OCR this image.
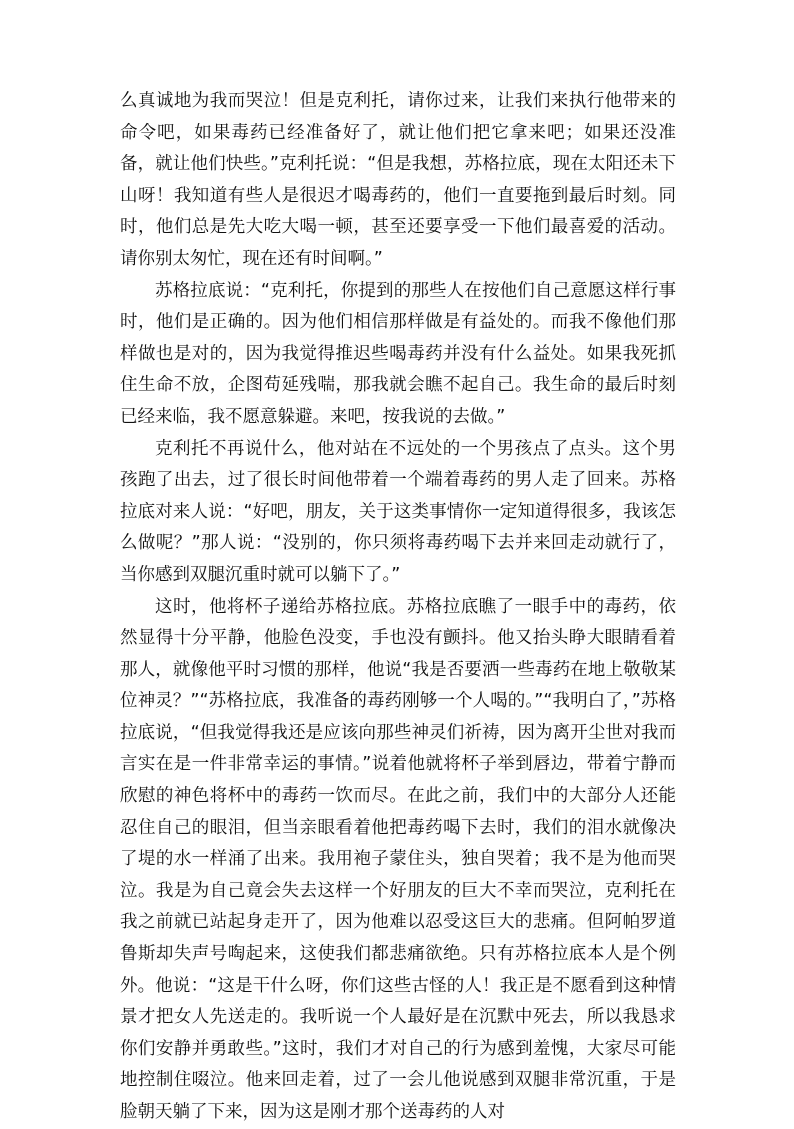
么真诚地为我而哭泣！但是克利托，请你过来，让我们来执行他带来的命令吧，如果毒药已经准备好了，就让他们把它拿来吧；如果还没准备，就让他们快些。”克利托说：“但是我想，苏格拉底，现在太阳还未下山呀！我知道有些人是很迟才喝毒药的，他们一直要拖到最后时刻。同时，他们总是先大吃大喝一顿，甚至还要享受一下他们最喜爱的活动。请你别太匆忙，现在还有时间啊。”

苏格拉底说：“克利托，你提到的那些人在按他们自己意愿这样行事时，他们是正确的。因为他们相信那样做是有益处的。而我不像他们那样做也是对的，因为我觉得推迟些喝毒药并没有什么益处。如果我死抓住生命不放，企图苟延残喘，那我就会瞧不起自己。我生命的最后时刻已经来临，我不愿意躲避。来吧，按我说的去做。”

克利托不再说什么，他对站在不远处的一个男孩点了点头。这个男孩跑了出去，过了很长时间他带着一个端着毒药的男人走了回来。苏格拉底对来人说：“好吧，朋友，关于这类事情你一定知道得很多，我该怎么做呢？”那人说：“没别的，你只须将毒药喝下去并来回走动就行了，当你感到双腿沉重时就可以躺下了。”

这时，他将杯子递给苏格拉底。苏格拉底瞧了一眼手中的毒药，依然显得十分平静，他脸色没变，手也没有颤抖。他又抬头睁大眼睛看着那人，就像他平时习惯的那样，他说“我是否要洒一些毒药在地上敬敬某位神灵？”“苏格拉底，我准备的毒药刚够一个人喝的。”“我明白了，”苏格拉底说，“但我觉得我还是应该向那些神灵们祈祷，因为离开尘世对我而言实在是一件非常幸运的事情。”说着他就将杯子举到唇边，带着宁静而欣慰的神色将杯中的毒药一饮而尽。在此之前，我们中的大部分人还能忍住自己的眼泪，但当亲眼看着他把毒药喝下去时，我们的泪水就像决了堤的水一样涌了出来。我用袍子蒙住头，独自哭着；我不是为他而哭泣。我是为自己竟会失去这样一个好朋友的巨大不幸而哭泣，克利托在我之前就已站起身走开了，因为他难以忍受这巨大的悲痛。但阿帕罗道鲁斯却失声号啕起来，这使我们都悲痛欲绝。只有苏格拉底本人是个例外。他说：“这是干什么呀，你们这些古怪的人！我正是不愿看到这种情景才把女人先送走的。我听说一个人最好是在沉默中死去，所以我恳求你们安静并勇敢些。”这时，我们才对自己的行为感到羞愧，大家尽可能地控制住啜泣。他来回走着，过了一会儿他说感到双腿非常沉重，于是脸朝天躺了下来，因为这是刚才那个送毒药的人对
